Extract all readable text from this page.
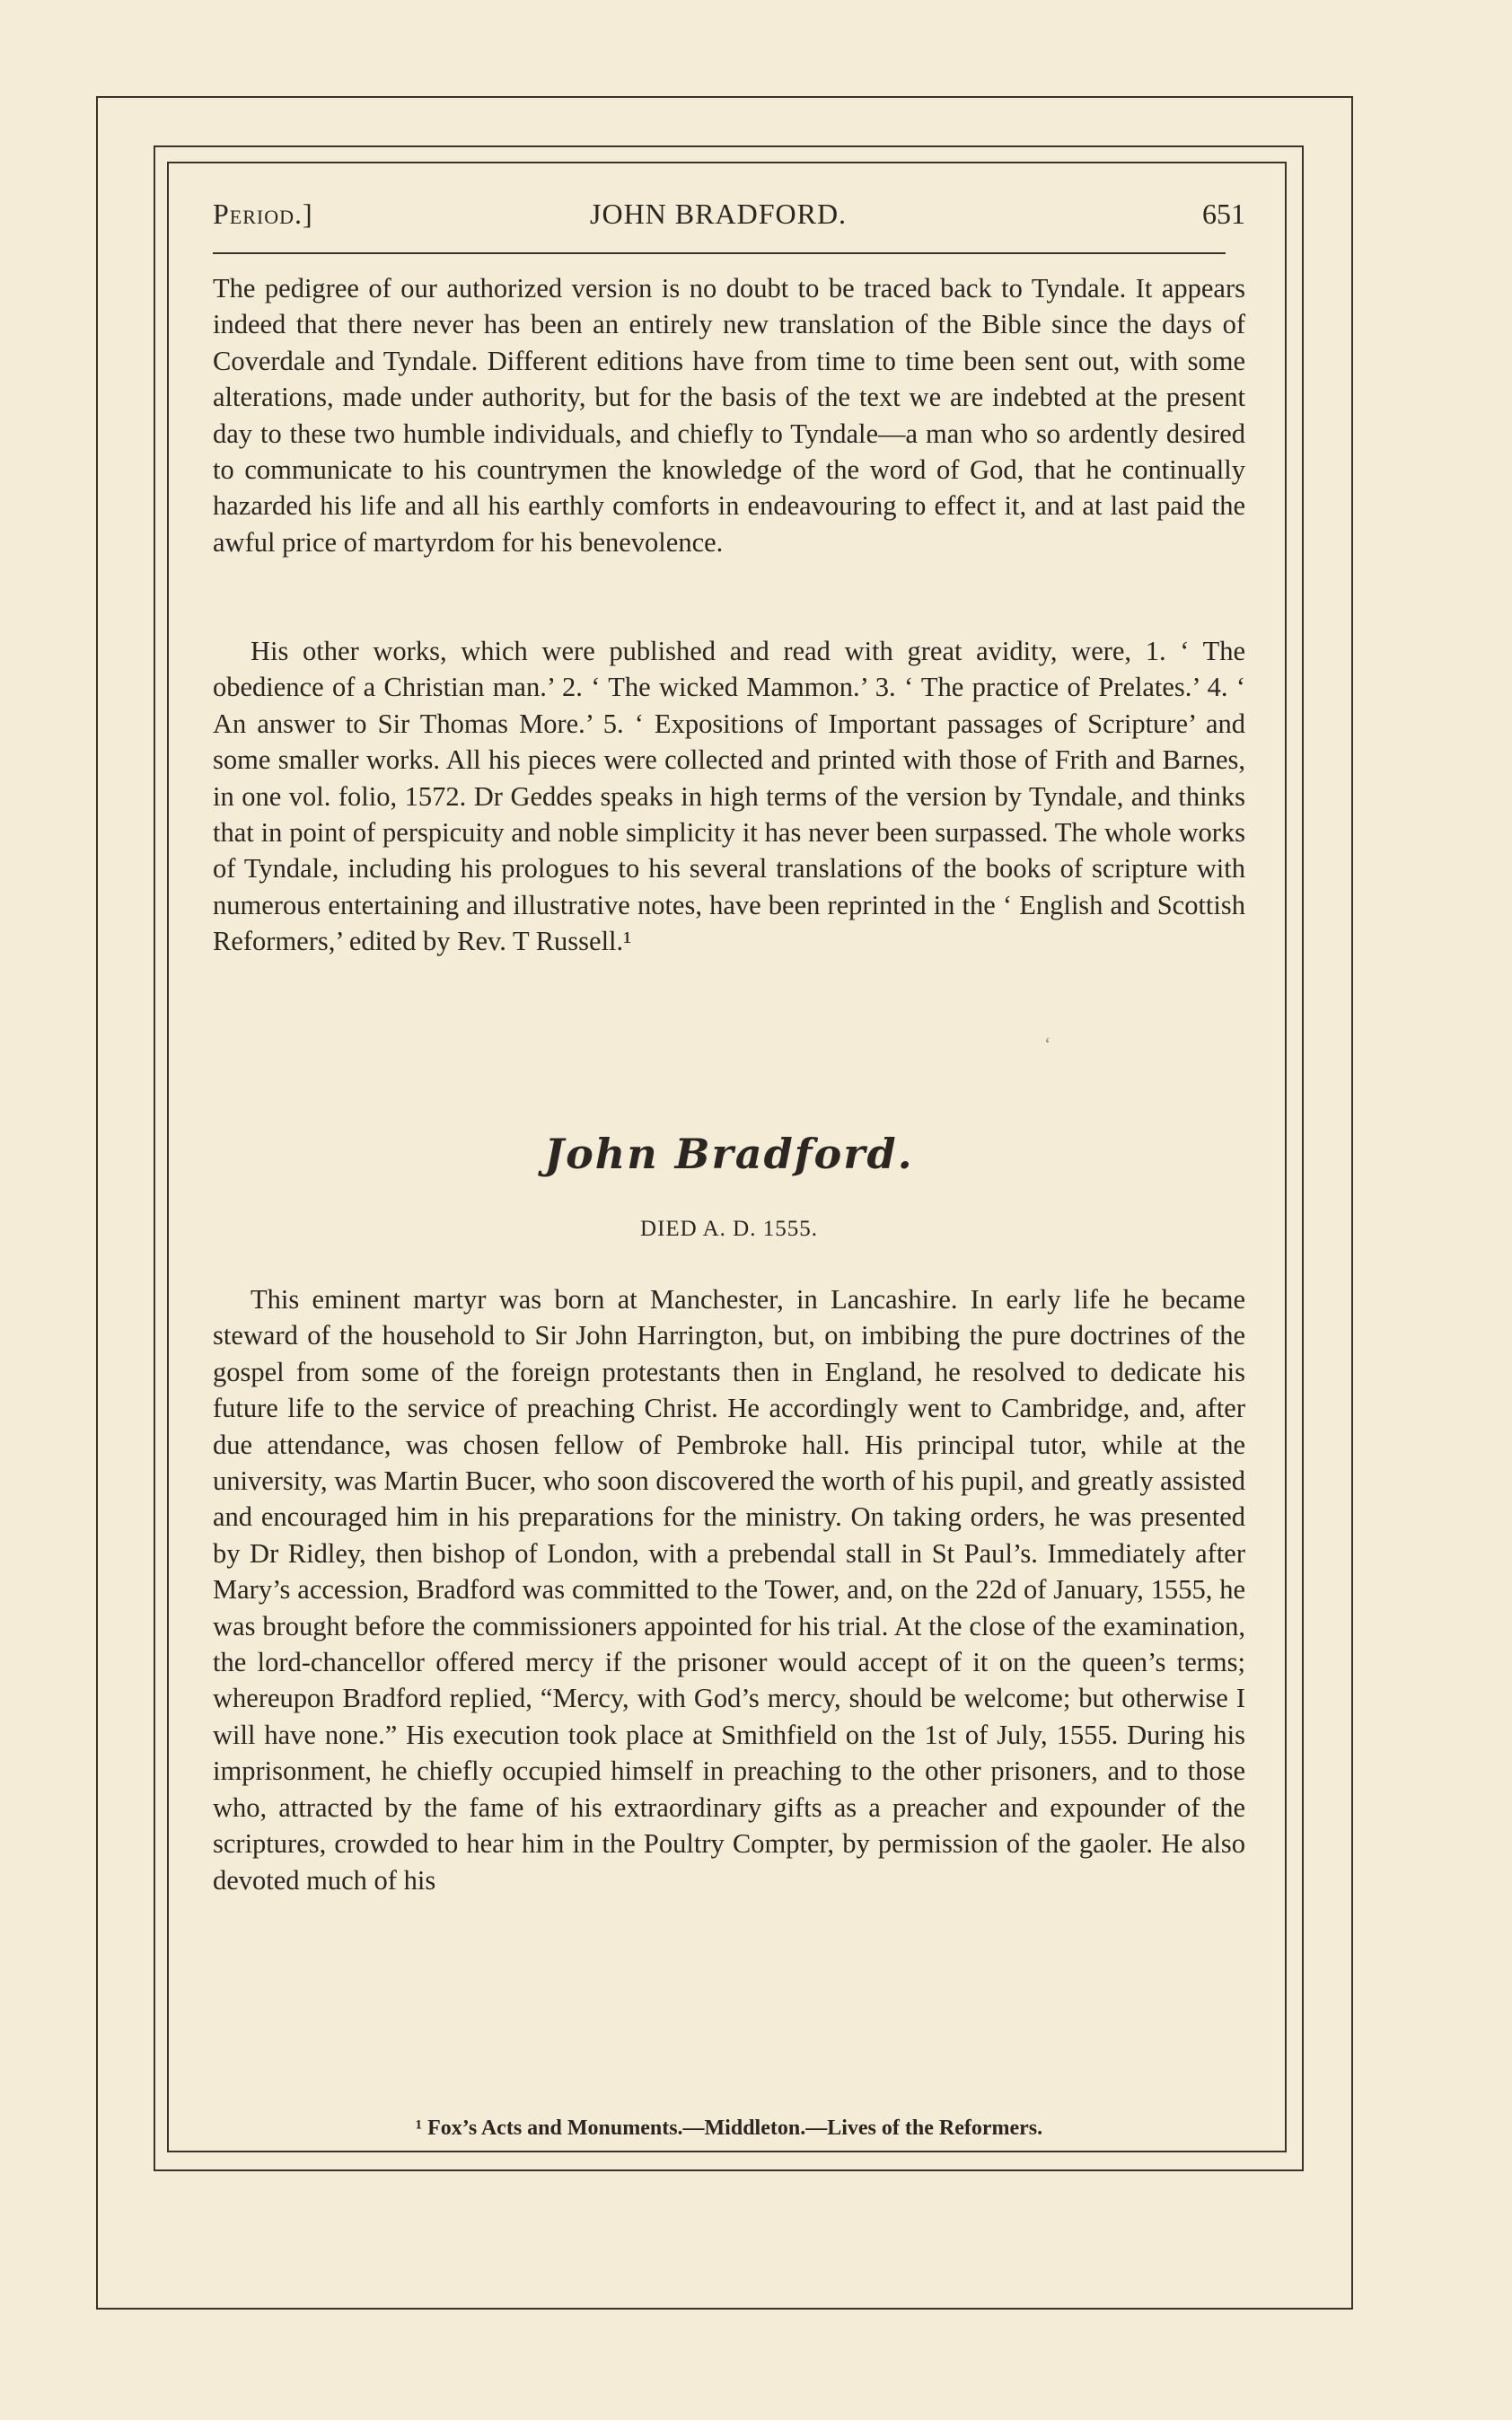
Period.]	JOHN BRADFORD.	651

The pedigree of our authorized version is no doubt to be traced back to Tyndale. It appears indeed that there never has been an entirely new translation of the Bible since the days of Coverdale and Tyndale. Different editions have from time to time been sent out, with some alterations, made under authority, but for the basis of the text we are indebted at the present day to these two humble individuals, and chiefly to Tyndale—a man who so ardently desired to communicate to his countrymen the knowledge of the word of God, that he continually hazarded his life and all his earthly comforts in endeavouring to effect it, and at last paid the awful price of martyrdom for his benevolence.

His other works, which were published and read with great avidity, were, 1. ‘ The obedience of a Christian man.’ 2. ‘ The wicked Mammon.’ 3. ‘ The practice of Prelates.’ 4. ‘ An answer to Sir Thomas More.’ 5. ‘ Expositions of Important passages of Scripture’ and some smaller works. All his pieces were collected and printed with those of Frith and Barnes, in one vol. folio, 1572. Dr Geddes speaks in high terms of the version by Tyndale, and thinks that in point of perspicuity and noble simplicity it has never been surpassed. The whole works of Tyndale, including his prologues to his several translations of the books of scripture with numerous entertaining and illustrative notes, have been reprinted in the ‘ English and Scottish Reformers,’ edited by Rev. T Russell.¹

John Bradford.
DIED A. D. 1555.

This eminent martyr was born at Manchester, in Lancashire. In early life he became steward of the household to Sir John Harrington, but, on imbibing the pure doctrines of the gospel from some of the foreign protestants then in England, he resolved to dedicate his future life to the service of preaching Christ. He accordingly went to Cambridge, and, after due attendance, was chosen fellow of Pembroke hall. His principal tutor, while at the university, was Martin Bucer, who soon discovered the worth of his pupil, and greatly assisted and encouraged him in his preparations for the ministry. On taking orders, he was presented by Dr Ridley, then bishop of London, with a prebendal stall in St Paul’s. Immediately after Mary’s accession, Bradford was committed to the Tower, and, on the 22d of January, 1555, he was brought before the commissioners appointed for his trial. At the close of the examination, the lord-chancellor offered mercy if the prisoner would accept of it on the queen’s terms; whereupon Bradford replied, “Mercy, with God’s mercy, should be welcome; but otherwise I will have none.” His execution took place at Smithfield on the 1st of July, 1555. During his imprisonment, he chiefly occupied himself in preaching to the other prisoners, and to those who, attracted by the fame of his extraordinary gifts as a preacher and expounder of the scriptures, crowded to hear him in the Poultry Compter, by permission of the gaoler. He also devoted much of his

¹ Fox’s Acts and Monuments.—Middleton.—Lives of the Reformers.
‘
